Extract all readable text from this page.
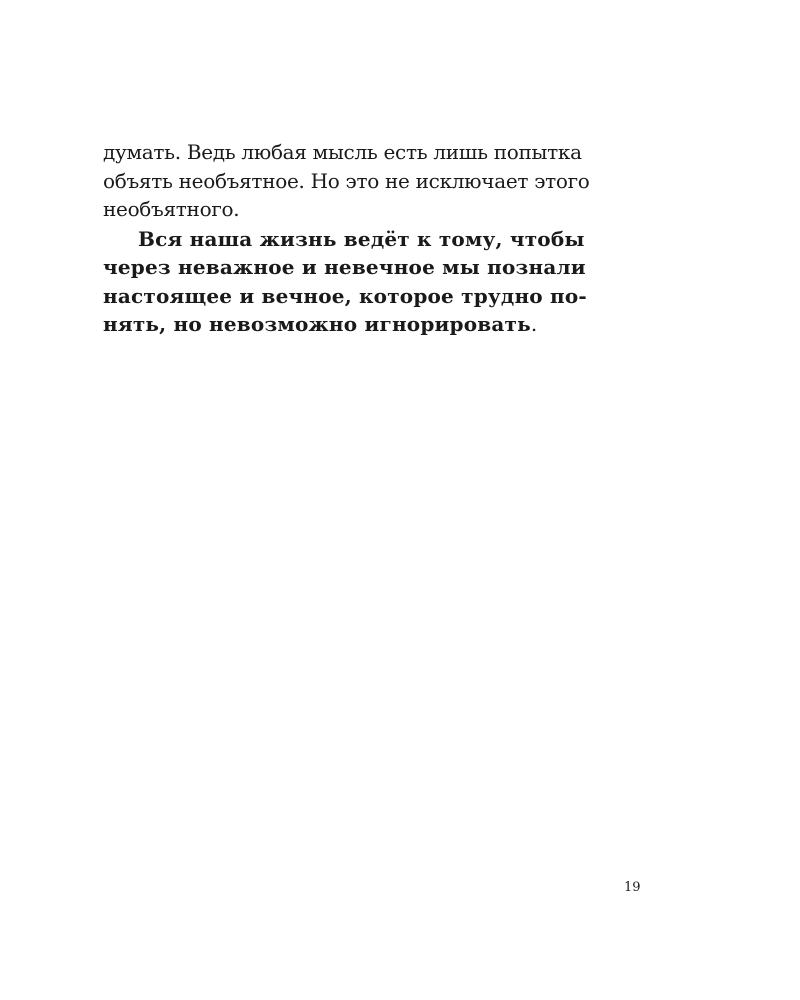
думать. Ведь любая мысль есть лишь попытка
объять необъятное. Но это не исключает этого
необъятного.
Вся наша жизнь ведёт к тому, чтобы
через неважное и невечное мы познали
настоящее и вечное, которое трудно по-
нять, но невозможно игнорировать.
19
